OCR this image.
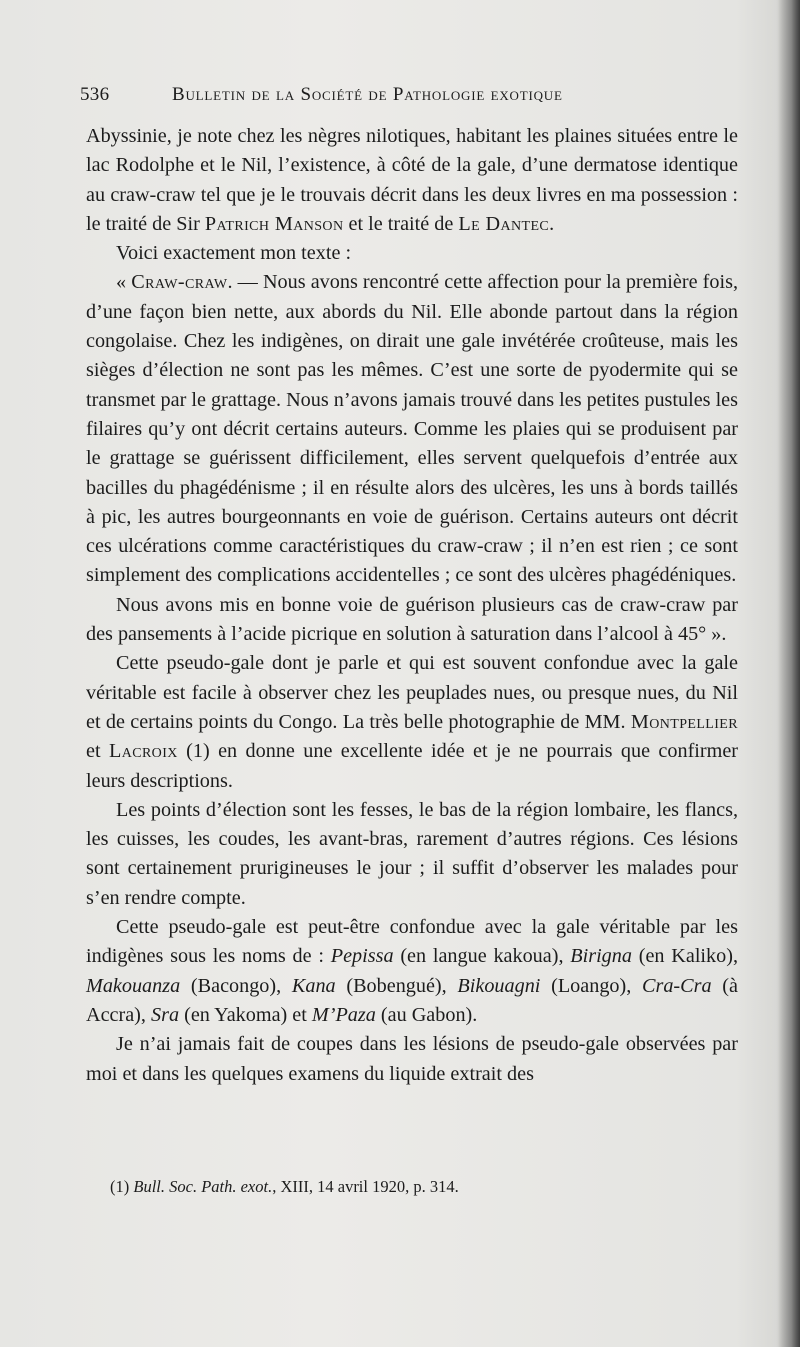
536	Bulletin de la Société de Pathologie exotique

Abyssinie, je note chez les nègres nilotiques, habitant les plaines situées entre le lac Rodolphe et le Nil, l’existence, à côté de la gale, d’une dermatose identique au craw-craw tel que je le trouvais décrit dans les deux livres en ma possession : le traité de Sir Patrich Manson et le traité de Le Dantec.

Voici exactement mon texte :

« Craw-craw. — Nous avons rencontré cette affection pour la première fois, d’une façon bien nette, aux abords du Nil. Elle abonde partout dans la région congolaise. Chez les indigènes, on dirait une gale invétérée croûteuse, mais les sièges d’élection ne sont pas les mêmes. C’est une sorte de pyodermite qui se transmet par le grattage. Nous n’avons jamais trouvé dans les petites pustules les filaires qu’y ont décrit certains auteurs. Comme les plaies qui se produisent par le grattage se guérissent difficilement, elles servent quelquefois d’entrée aux bacilles du phagédénisme ; il en résulte alors des ulcères, les uns à bords taillés à pic, les autres bourgeonnants en voie de guérison. Certains auteurs ont décrit ces ulcérations comme caractéristiques du craw-craw ; il n’en est rien ; ce sont simplement des complications accidentelles ; ce sont des ulcères phagédéniques.

Nous avons mis en bonne voie de guérison plusieurs cas de craw-craw par des pansements à l’acide picrique en solution à saturation dans l’alcool à 45° ».

Cette pseudo-gale dont je parle et qui est souvent confondue avec la gale véritable est facile à observer chez les peuplades nues, ou presque nues, du Nil et de certains points du Congo. La très belle photographie de MM. Montpellier et Lacroix (1) en donne une excellente idée et je ne pourrais que confirmer leurs descriptions.

Les points d’élection sont les fesses, le bas de la région lombaire, les flancs, les cuisses, les coudes, les avant-bras, rarement d’autres régions. Ces lésions sont certainement prurigineuses le jour ; il suffit d’observer les malades pour s’en rendre compte.

Cette pseudo-gale est peut-être confondue avec la gale véritable par les indigènes sous les noms de : Pepissa (en langue kakoua), Birigna (en Kaliko), Makouanza (Bacongo), Kana (Bobengué), Bikouagni (Loango), Cra-Cra (à Accra), Sra (en Yakoma) et M’Paza (au Gabon).

Je n’ai jamais fait de coupes dans les lésions de pseudo-gale observées par moi et dans les quelques examens du liquide extrait des

(1) Bull. Soc. Path. exot., XIII, 14 avril 1920, p. 314.
